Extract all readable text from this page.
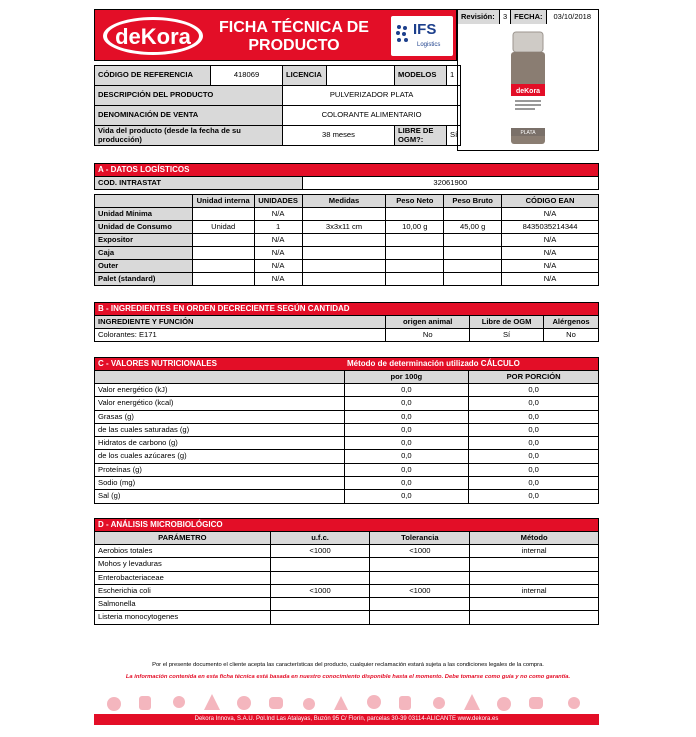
deKora FICHA TÉCNICA DE PRODUCTO
IFS
Logistics
Revisión:	3	FECHA:	03/10/2018
deKora
PLATA
CÓDIGO DE REFERENCIA	418069	LICENCIA		MODELOS	1
DESCRIPCIÓN DEL PRODUCTO		PULVERIZADOR PLATA			
DENOMINACIÓN DE VENTA		COLORANTE ALIMENTARIO			
Vida del producto (desde la fecha de su producción)		38 meses		LIBRE DE OGM?:	Sí
A - DATOS LOGÍSTICOS						
COD. INTRASTAT			32061900			

	Unidad interna	UNIDADES	Medidas	Peso Neto	Peso Bruto	CÓDIGO EAN
Unidad Mínima		N/A				N/A
Unidad de Consumo	Unidad	1	3x3x11 cm	10,00 g	45,00 g	8435035214344
Expositor		N/A				N/A
Caja		N/A				N/A
Outer		N/A				N/A
Palet (standard)		N/A				N/A
B - INGREDIENTES EN ORDEN DECRECIENTE SEGÚN CANTIDAD			
INGREDIENTE Y FUNCIÓN	origen animal	Libre de OGM	Alérgenos
Colorantes: E171	No	Sí	No
C - VALORES NUTRICIONALES	Método de determinación utilizado CÁLCULO	
	por 100g	POR PORCIÓN
Valor energético (kJ)	0,0	0,0
Valor energético (kcal)	0,0	0,0
Grasas (g)	0,0	0,0
de las cuales saturadas (g)	0,0	0,0
Hidratos de carbono (g)	0,0	0,0
de los cuales azúcares (g)	0,0	0,0
Proteínas (g)	0,0	0,0
Sodio (mg)	0,0	0,0
Sal (g)	0,0	0,0
D - ANÁLISIS MICROBIOLÓGICO			
PARÁMETRO	u.f.c.	Tolerancia	Método
Aerobios totales	<1000	<1000	internal
Mohos y levaduras			
Enterobacteriaceae			
Escherichia coli	<1000	<1000	internal
Salmonella			
Listeria monocytogenes			
Por el presente documento el cliente acepta las características del producto, cualquier reclamación estará sujeta a las condiciones legales de la compra.
La información contenida en esta ficha técnica está basada en nuestro conocimiento disponible hasta el momento. Debe tomarse como guía y no como garantía.
Dekora Innova, S.A.U. Pol.Ind Las Atalayas, Buzón 95 C/ Florín, parcelas 30-39 03114-ALICANTE www.dekora.es
